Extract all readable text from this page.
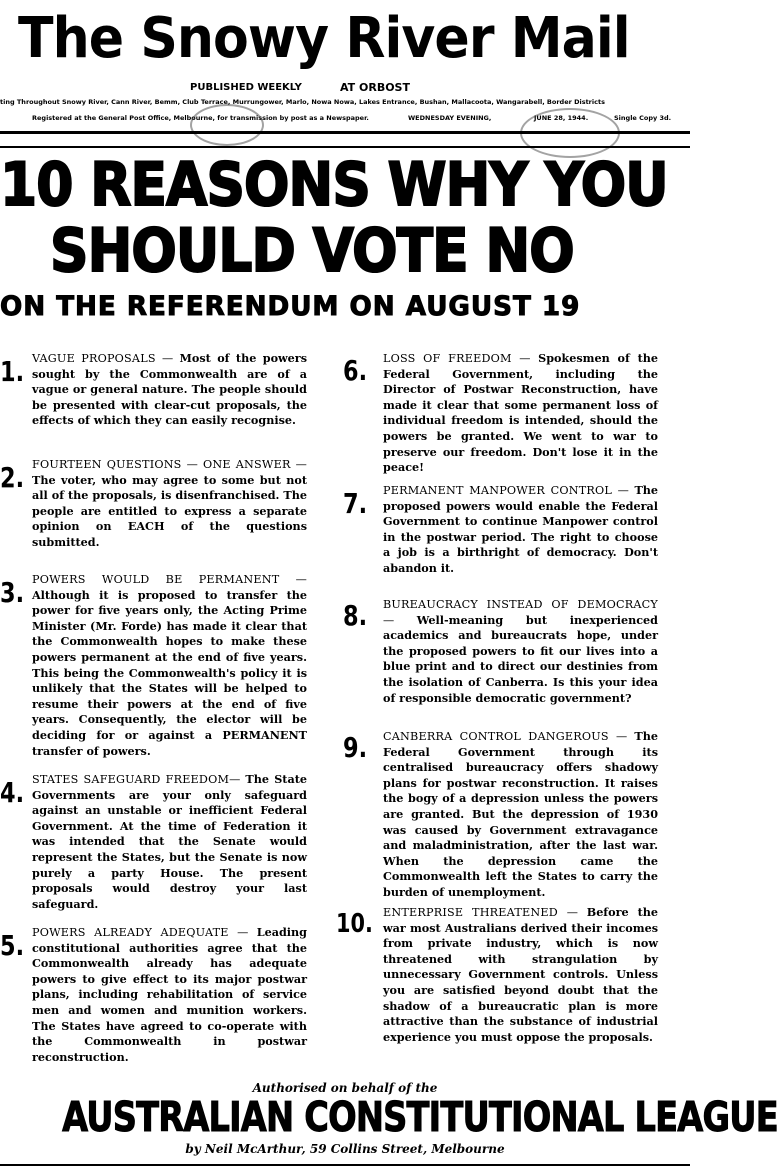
The Snowy River Mail
PUBLISHED WEEKLY	AT ORBOST
ting Throughout Snowy River, Cann River, Bemm, Club Terrace, Murrungower, Marlo, Nowa Nowa, Lakes Entrance, Bushan, Mallacoota, Wangarabell, Border Districts
Registered at the General Post Office, Melbourne, for transmission by post as a Newspaper.	WEDNESDAY EVENING,	JUNE 28, 1944.	Single Copy 3d.
10 REASONS WHY YOU
SHOULD VOTE NO
ON THE REFERENDUM ON AUGUST 19
1. VAGUE PROPOSALS — Most of the powers sought by the Commonwealth are of a vague or general nature. The people should be presented with clear-cut proposals, the effects of which they can easily recognise.
2. FOURTEEN QUESTIONS — ONE ANSWER — The voter, who may agree to some but not all of the proposals, is disenfranchised. The people are entitled to express a separate opinion on EACH of the questions submitted.
3. POWERS WOULD BE PERMANENT — Although it is proposed to transfer the power for five years only, the Acting Prime Minister (Mr. Forde) has made it clear that the Commonwealth hopes to make these powers permanent at the end of five years. This being the Commonwealth's policy it is unlikely that the States will be helped to resume their powers at the end of five years. Consequently, the elector will be deciding for or against a PERMANENT transfer of powers.
4. STATES SAFEGUARD FREEDOM— The State Governments are your only safeguard against an unstable or inefficient Federal Government. At the time of Federation it was intended that the Senate would represent the States, but the Senate is now purely a party House. The present proposals would destroy your last safeguard.
5. POWERS ALREADY ADEQUATE — Leading constitutional authorities agree that the Commonwealth already has adequate powers to give effect to its major postwar plans, including rehabilitation of service men and women and munition workers. The States have agreed to co-operate with the Commonwealth in postwar reconstruction.
6. LOSS OF FREEDOM — Spokesmen of the Federal Government, including the Director of Postwar Reconstruction, have made it clear that some permanent loss of individual freedom is intended, should the powers be granted. We went to war to preserve our freedom. Don't lose it in the peace!
7. PERMANENT MANPOWER CONTROL — The proposed powers would enable the Federal Government to continue Manpower control in the postwar period. The right to choose a job is a birthright of democracy. Don't abandon it.
8. BUREAUCRACY INSTEAD OF DEMOCRACY — Well-meaning but inexperienced academics and bureaucrats hope, under the proposed powers to fit our lives into a blue print and to direct our destinies from the isolation of Canberra. Is this your idea of responsible democratic government?
9. CANBERRA CONTROL DANGEROUS — The Federal Government through its centralised bureaucracy offers shadowy plans for postwar reconstruction. It raises the bogy of a depression unless the powers are granted. But the depression of 1930 was caused by Government extravagance and maladministration, after the last war. When the depression came the Commonwealth left the States to carry the burden of unemployment.
10. ENTERPRISE THREATENED — Before the war most Australians derived their incomes from private industry, which is now threatened with strangulation by unnecessary Government controls. Unless you are satisfied beyond doubt that the shadow of a bureaucratic plan is more attractive than the substance of industrial experience you must oppose the proposals.
Authorised on behalf of the
AUSTRALIAN CONSTITUTIONAL LEAGUE
by Neil McArthur, 59 Collins Street, Melbourne
